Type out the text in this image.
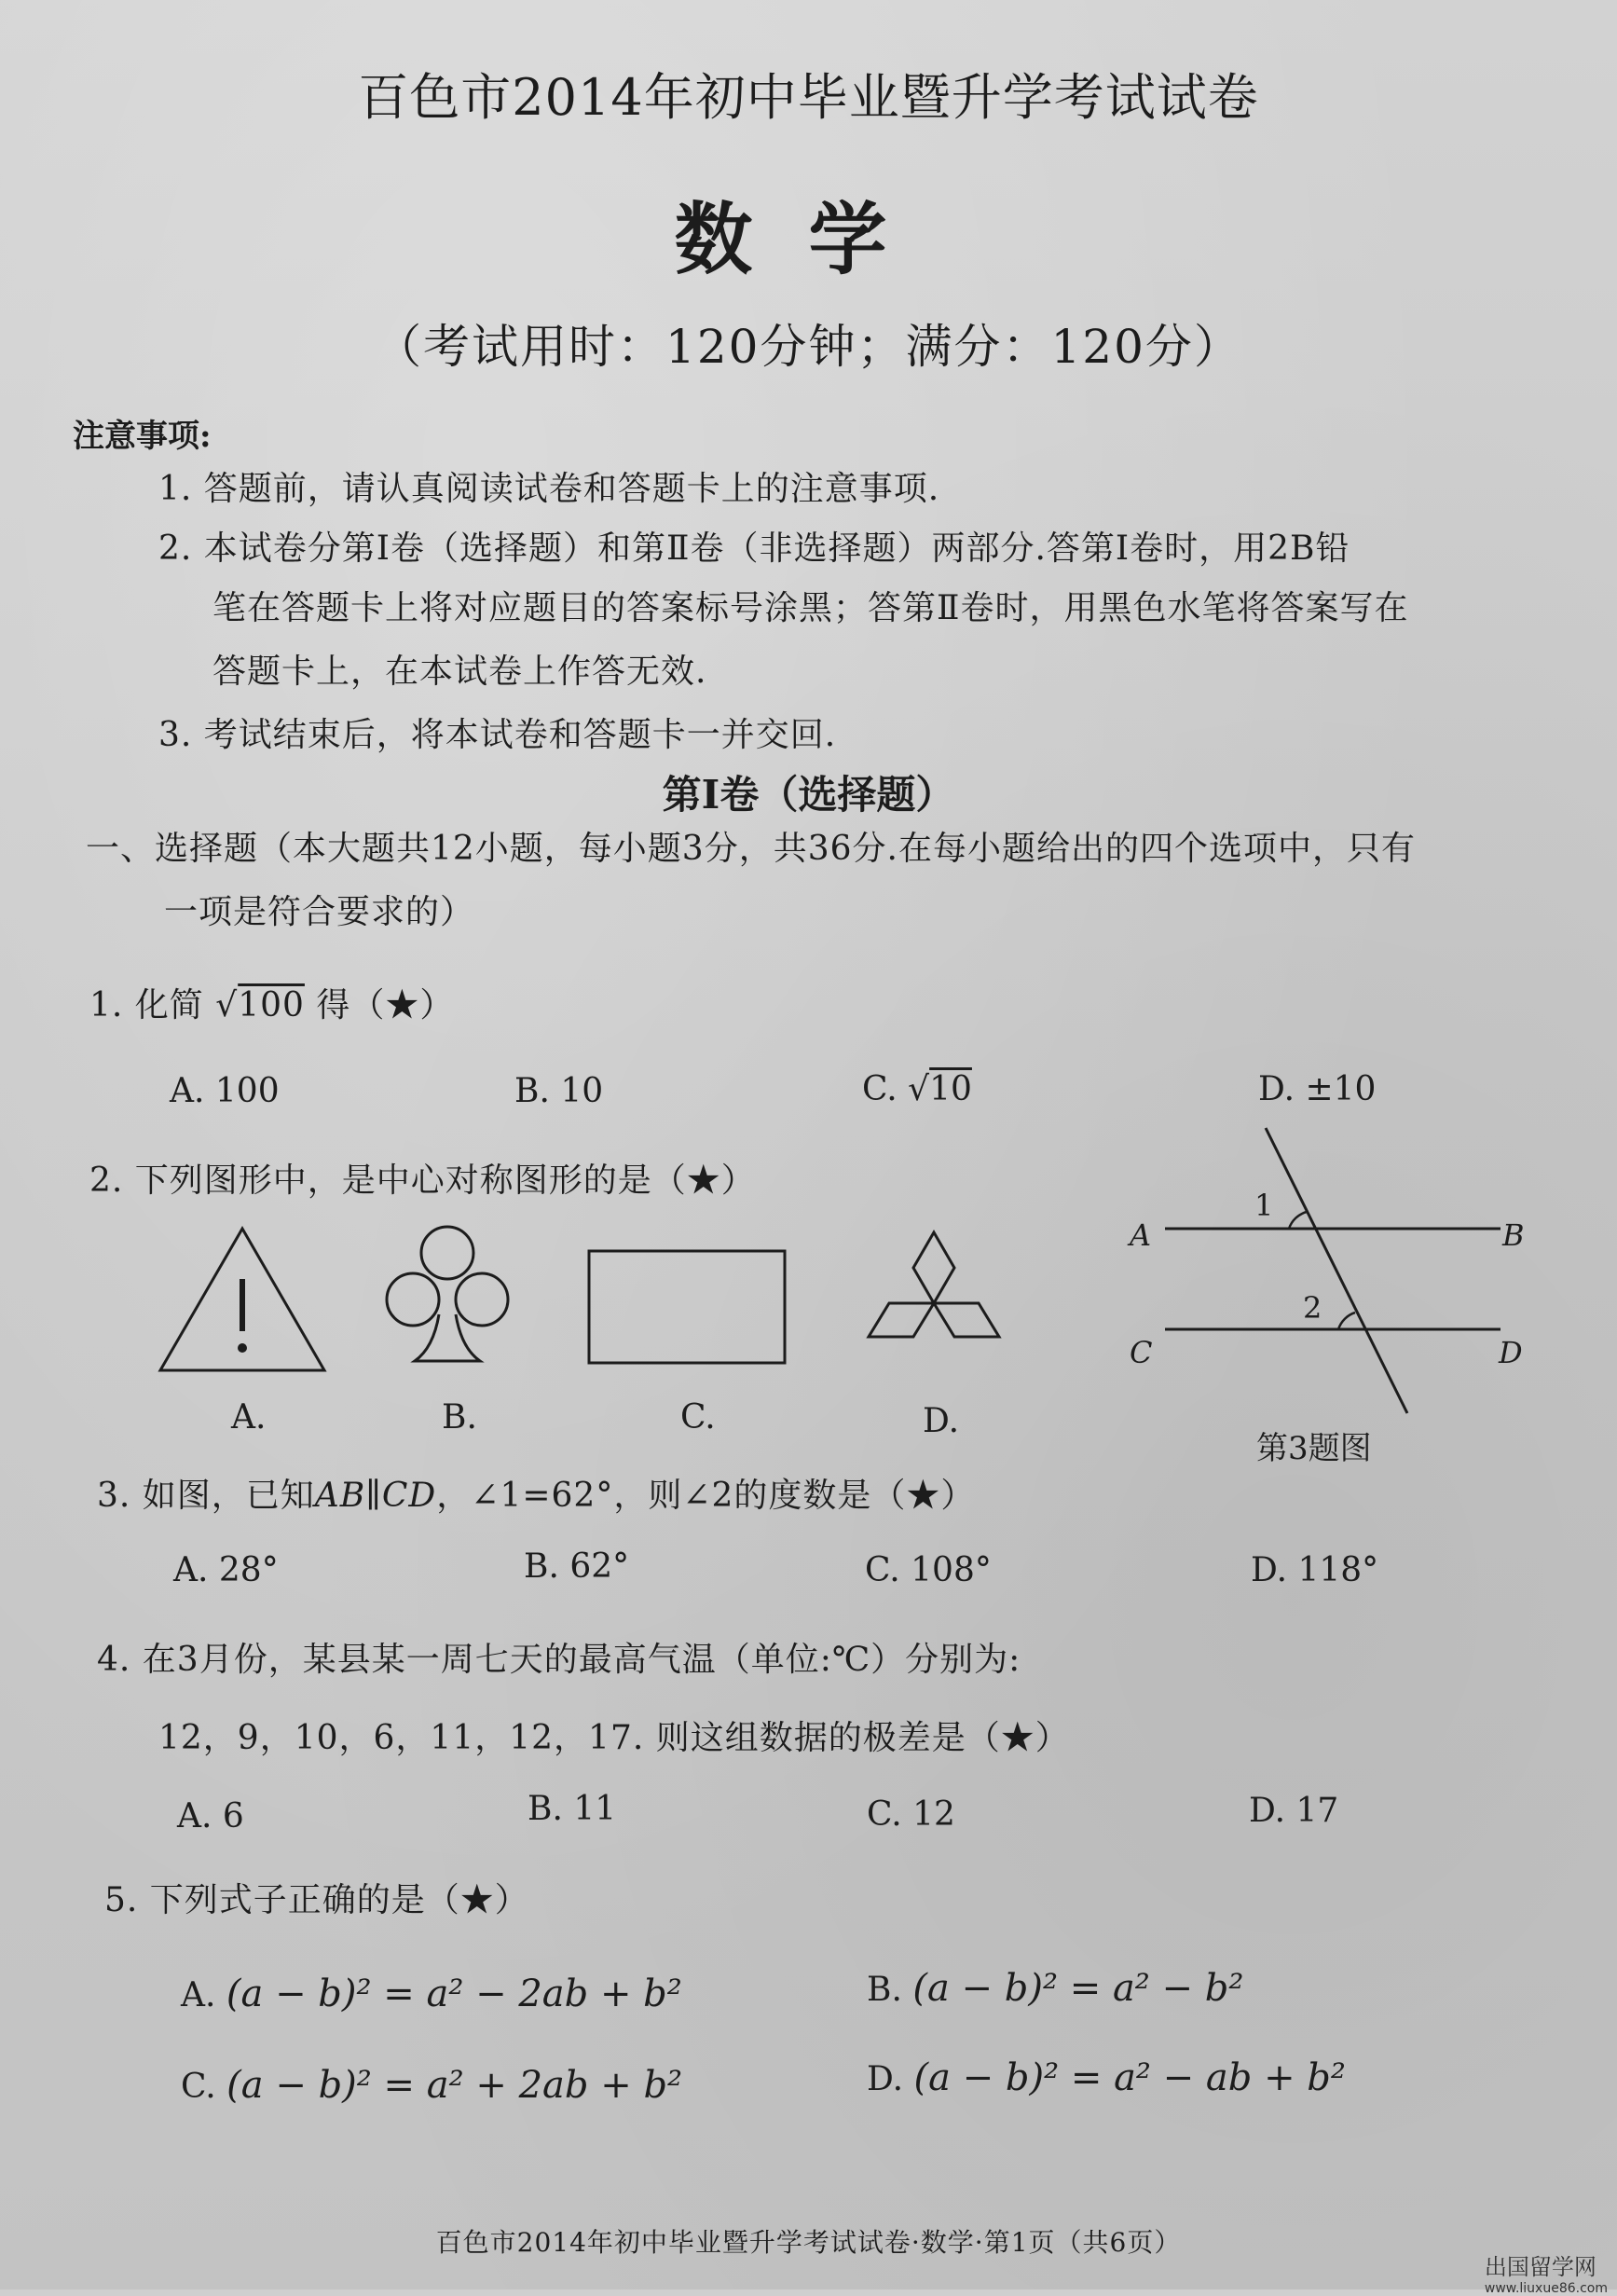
百色市2014年初中毕业暨升学考试试卷
数学
（考试用时：120分钟；满分：120分）
注意事项:
1. 答题前，请认真阅读试卷和答题卡上的注意事项.
2. 本试卷分第Ⅰ卷（选择题）和第Ⅱ卷（非选择题）两部分.答第Ⅰ卷时，用2B铅
笔在答题卡上将对应题目的答案标号涂黑；答第Ⅱ卷时，用黑色水笔将答案写在
答题卡上，在本试卷上作答无效.
3. 考试结束后，将本试卷和答题卡一并交回.
第Ⅰ卷（选择题）
一、选择题（本大题共12小题，每小题3分，共36分.在每小题给出的四个选项中，只有
一项是符合要求的）
1. 化简 √100 得（★）
A. 100	B. 10	C. √10	D. ±10
2. 下列图形中，是中心对称图形的是（★）
A.	B.	C.	D.
1
2
A	B
C	D
第3题图
3. 如图，已知AB∥CD，∠1=62°，则∠2的度数是（★）
A. 28°	B. 62°	C. 108°	D. 118°
4. 在3月份，某县某一周七天的最高气温（单位:℃）分别为:
12，9，10，6，11，12，17. 则这组数据的极差是（★）
A. 6	B. 11	C. 12	D. 17
5. 下列式子正确的是（★）
A. (a − b)² = a² − 2ab + b²	B. (a − b)² = a² − b²
C. (a − b)² = a² + 2ab + b²	D. (a − b)² = a² − ab + b²
百色市2014年初中毕业暨升学考试试卷·数学·第1页（共6页）
出国留学网
www.liuxue86.com
